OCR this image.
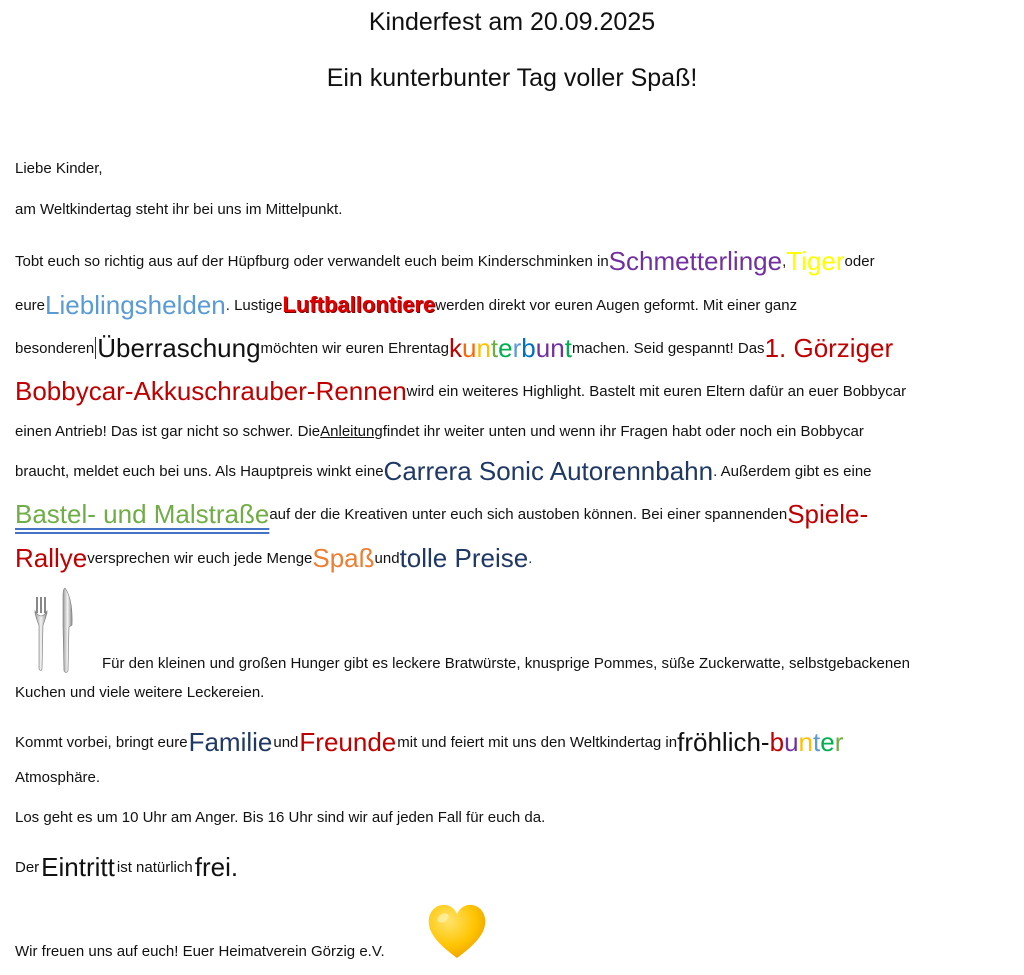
Kinderfest am 20.09.2025
Ein kunterbunter Tag voller Spaß!
Liebe Kinder,
am Weltkindertag steht ihr bei uns im Mittelpunkt.
Tobt euch so richtig aus auf der Hüpfburg oder verwandelt euch beim Kinderschminken in Schmetterlinge , Tiger oder
eure Lieblingshelden . Lustige Luftballontiere werden direkt vor euren Augen geformt. Mit einer ganz
besonderen Überraschung möchten wir euren Ehrentag kunterbunt machen. Seid gespannt! Das 1. Görziger
Bobbycar-Akkuschrauber-Rennen wird ein weiteres Highlight. Bastelt mit euren Eltern dafür an euer Bobbycar
einen Antrieb! Das ist gar nicht so schwer. Die Anleitung findet ihr weiter unten und wenn ihr Fragen habt oder noch ein Bobbycar
braucht, meldet euch bei uns. Als Hauptpreis winkt eine Carrera Sonic Autorennbahn . Außerdem gibt es eine
Bastel- und Malstraße auf der die Kreativen unter euch sich austoben können. Bei einer spannenden Spiele-
Rallye versprechen wir euch jede Menge Spaß und tolle Preise .
Für den kleinen und großen Hunger gibt es leckere Bratwürste, knusprige Pommes, süße Zuckerwatte, selbstgebackenen
Kuchen und viele weitere Leckereien.
Kommt vorbei, bringt eure Familie und Freunde mit und feiert mit uns den Weltkindertag in fröhlich- bunter
Atmosphäre.
Los geht es um 10 Uhr am Anger. Bis 16 Uhr sind wir auf jeden Fall für euch da.
Der Eintritt ist natürlich frei.
Wir freuen uns auf euch! Euer Heimatverein Görzig e.V.
